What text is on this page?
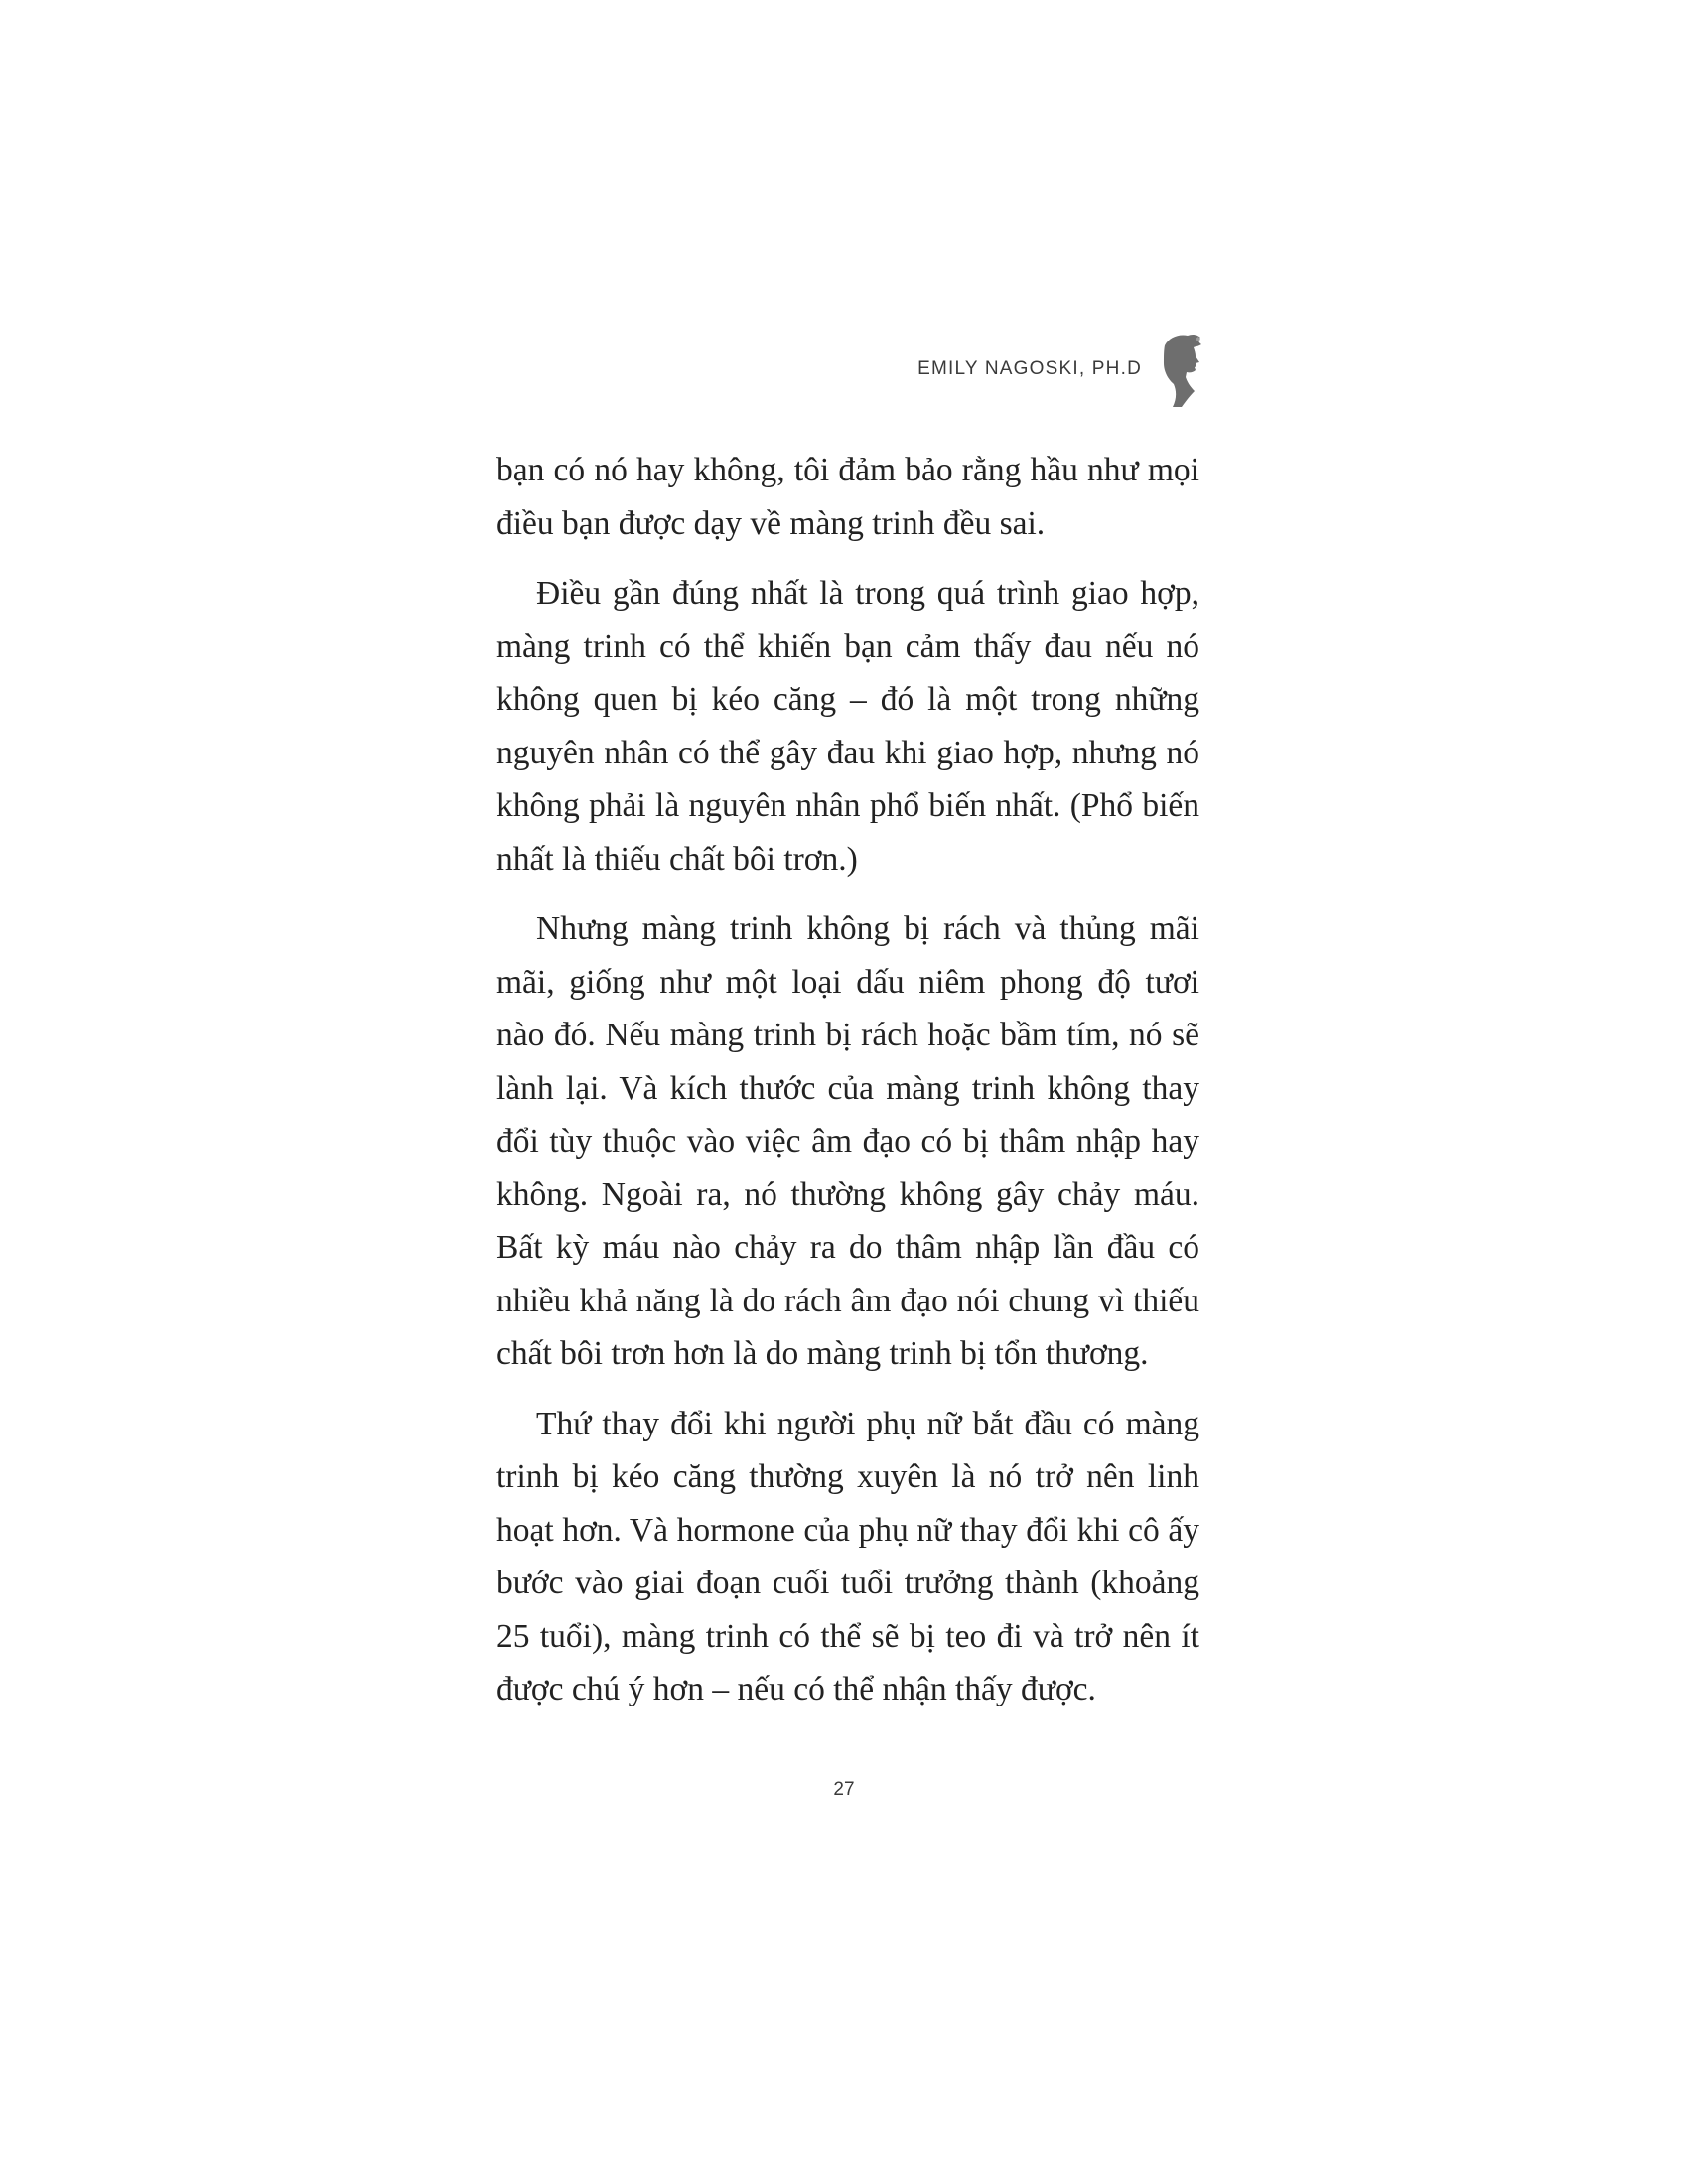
EMILY NAGOSKI, PH.D

bạn có nó hay không, tôi đảm bảo rằng hầu như mọi điều bạn được dạy về màng trinh đều sai.

Điều gần đúng nhất là trong quá trình giao hợp, màng trinh có thể khiến bạn cảm thấy đau nếu nó không quen bị kéo căng – đó là một trong những nguyên nhân có thể gây đau khi giao hợp, nhưng nó không phải là nguyên nhân phổ biến nhất. (Phổ biến nhất là thiếu chất bôi trơn.)

Nhưng màng trinh không bị rách và thủng mãi mãi, giống như một loại dấu niêm phong độ tươi nào đó. Nếu màng trinh bị rách hoặc bầm tím, nó sẽ lành lại. Và kích thước của màng trinh không thay đổi tùy thuộc vào việc âm đạo có bị thâm nhập hay không. Ngoài ra, nó thường không gây chảy máu. Bất kỳ máu nào chảy ra do thâm nhập lần đầu có nhiều khả năng là do rách âm đạo nói chung vì thiếu chất bôi trơn hơn là do màng trinh bị tổn thương.

Thứ thay đổi khi người phụ nữ bắt đầu có màng trinh bị kéo căng thường xuyên là nó trở nên linh hoạt hơn. Và hormone của phụ nữ thay đổi khi cô ấy bước vào giai đoạn cuối tuổi trưởng thành (khoảng 25 tuổi), màng trinh có thể sẽ bị teo đi và trở nên ít được chú ý hơn – nếu có thể nhận thấy được.

27
